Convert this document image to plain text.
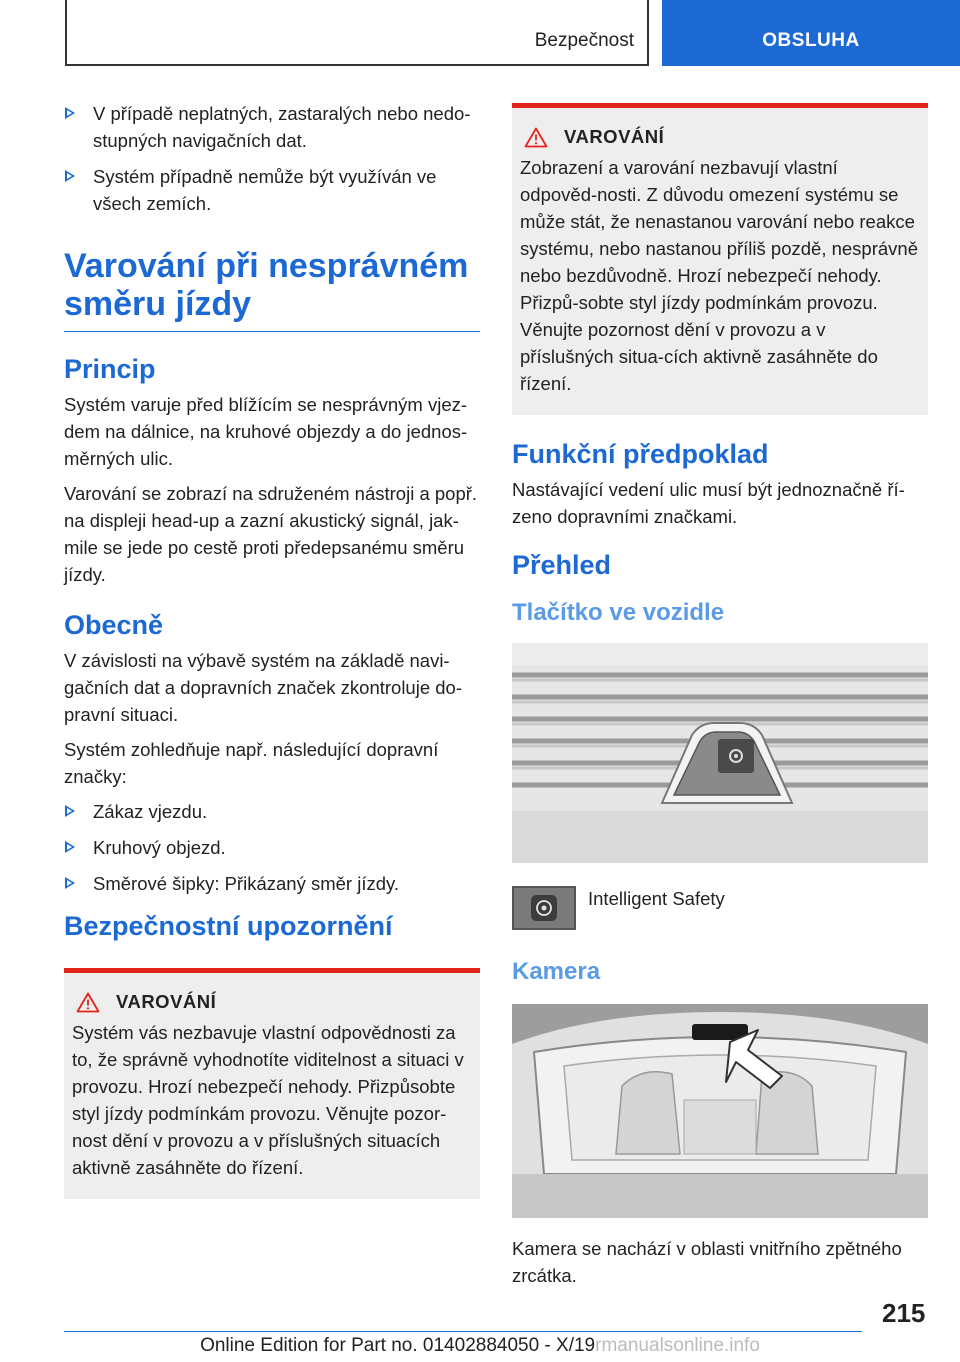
Bezpečnost	OBSLUHA
V případě neplatných, zastaralých nebo nedo-stupných navigačních dat.
Systém případně nemůže být využíván ve všech zemích.
Varování při nesprávném směru jízdy
Princip

Systém varuje před blížícím se nesprávným vjez-dem na dálnice, na kruhové objezdy a do jednos-měrných ulic.

Varování se zobrazí na sdruženém nástroji a popř. na displeji head-up a zazní akustický signál, jak-mile se jede po cestě proti předepsanému směru jízdy.

Obecně

V závislosti na výbavě systém na základě navi-gačních dat a dopravních značek zkontroluje do-pravní situaci.

Systém zohledňuje např. následující dopravní značky:

Zákaz vjezdu.
Kruhový objezd.
Směrové šipky: Přikázaný směr jízdy.
Bezpečnostní upozornění
VAROVÁNÍ

Systém vás nezbavuje vlastní odpovědnosti za to, že správně vyhodnotíte viditelnost a situaci v provozu. Hrozí nebezpečí nehody. Přizpůsobte styl jízdy podmínkám provozu. Věnujte pozor-nost dění v provozu a v příslušných situacích aktivně zasáhněte do řízení.

VAROVÁNÍ

Zobrazení a varování nezbavují vlastní odpověd-nosti. Z důvodu omezení systému se může stát, že nenastanou varování nebo reakce systému, nebo nastanou příliš pozdě, nesprávně nebo bezdůvodně. Hrozí nebezpečí nehody. Přizpů-sobte styl jízdy podmínkám provozu. Věnujte pozornost dění v provozu a v příslušných situa-cích aktivně zasáhněte do řízení.

Funkční předpoklad

Nastávající vedení ulic musí být jednoznačně ří-zeno dopravními značkami.

Přehled
Tlačítko ve vozidle
Intelligent Safety
Kamera

Kamera se nachází v oblasti vnitřního zpětného zrcátka.

215
Online Edition for Part no. 01402884050 - X/19rmanualsonline.info
